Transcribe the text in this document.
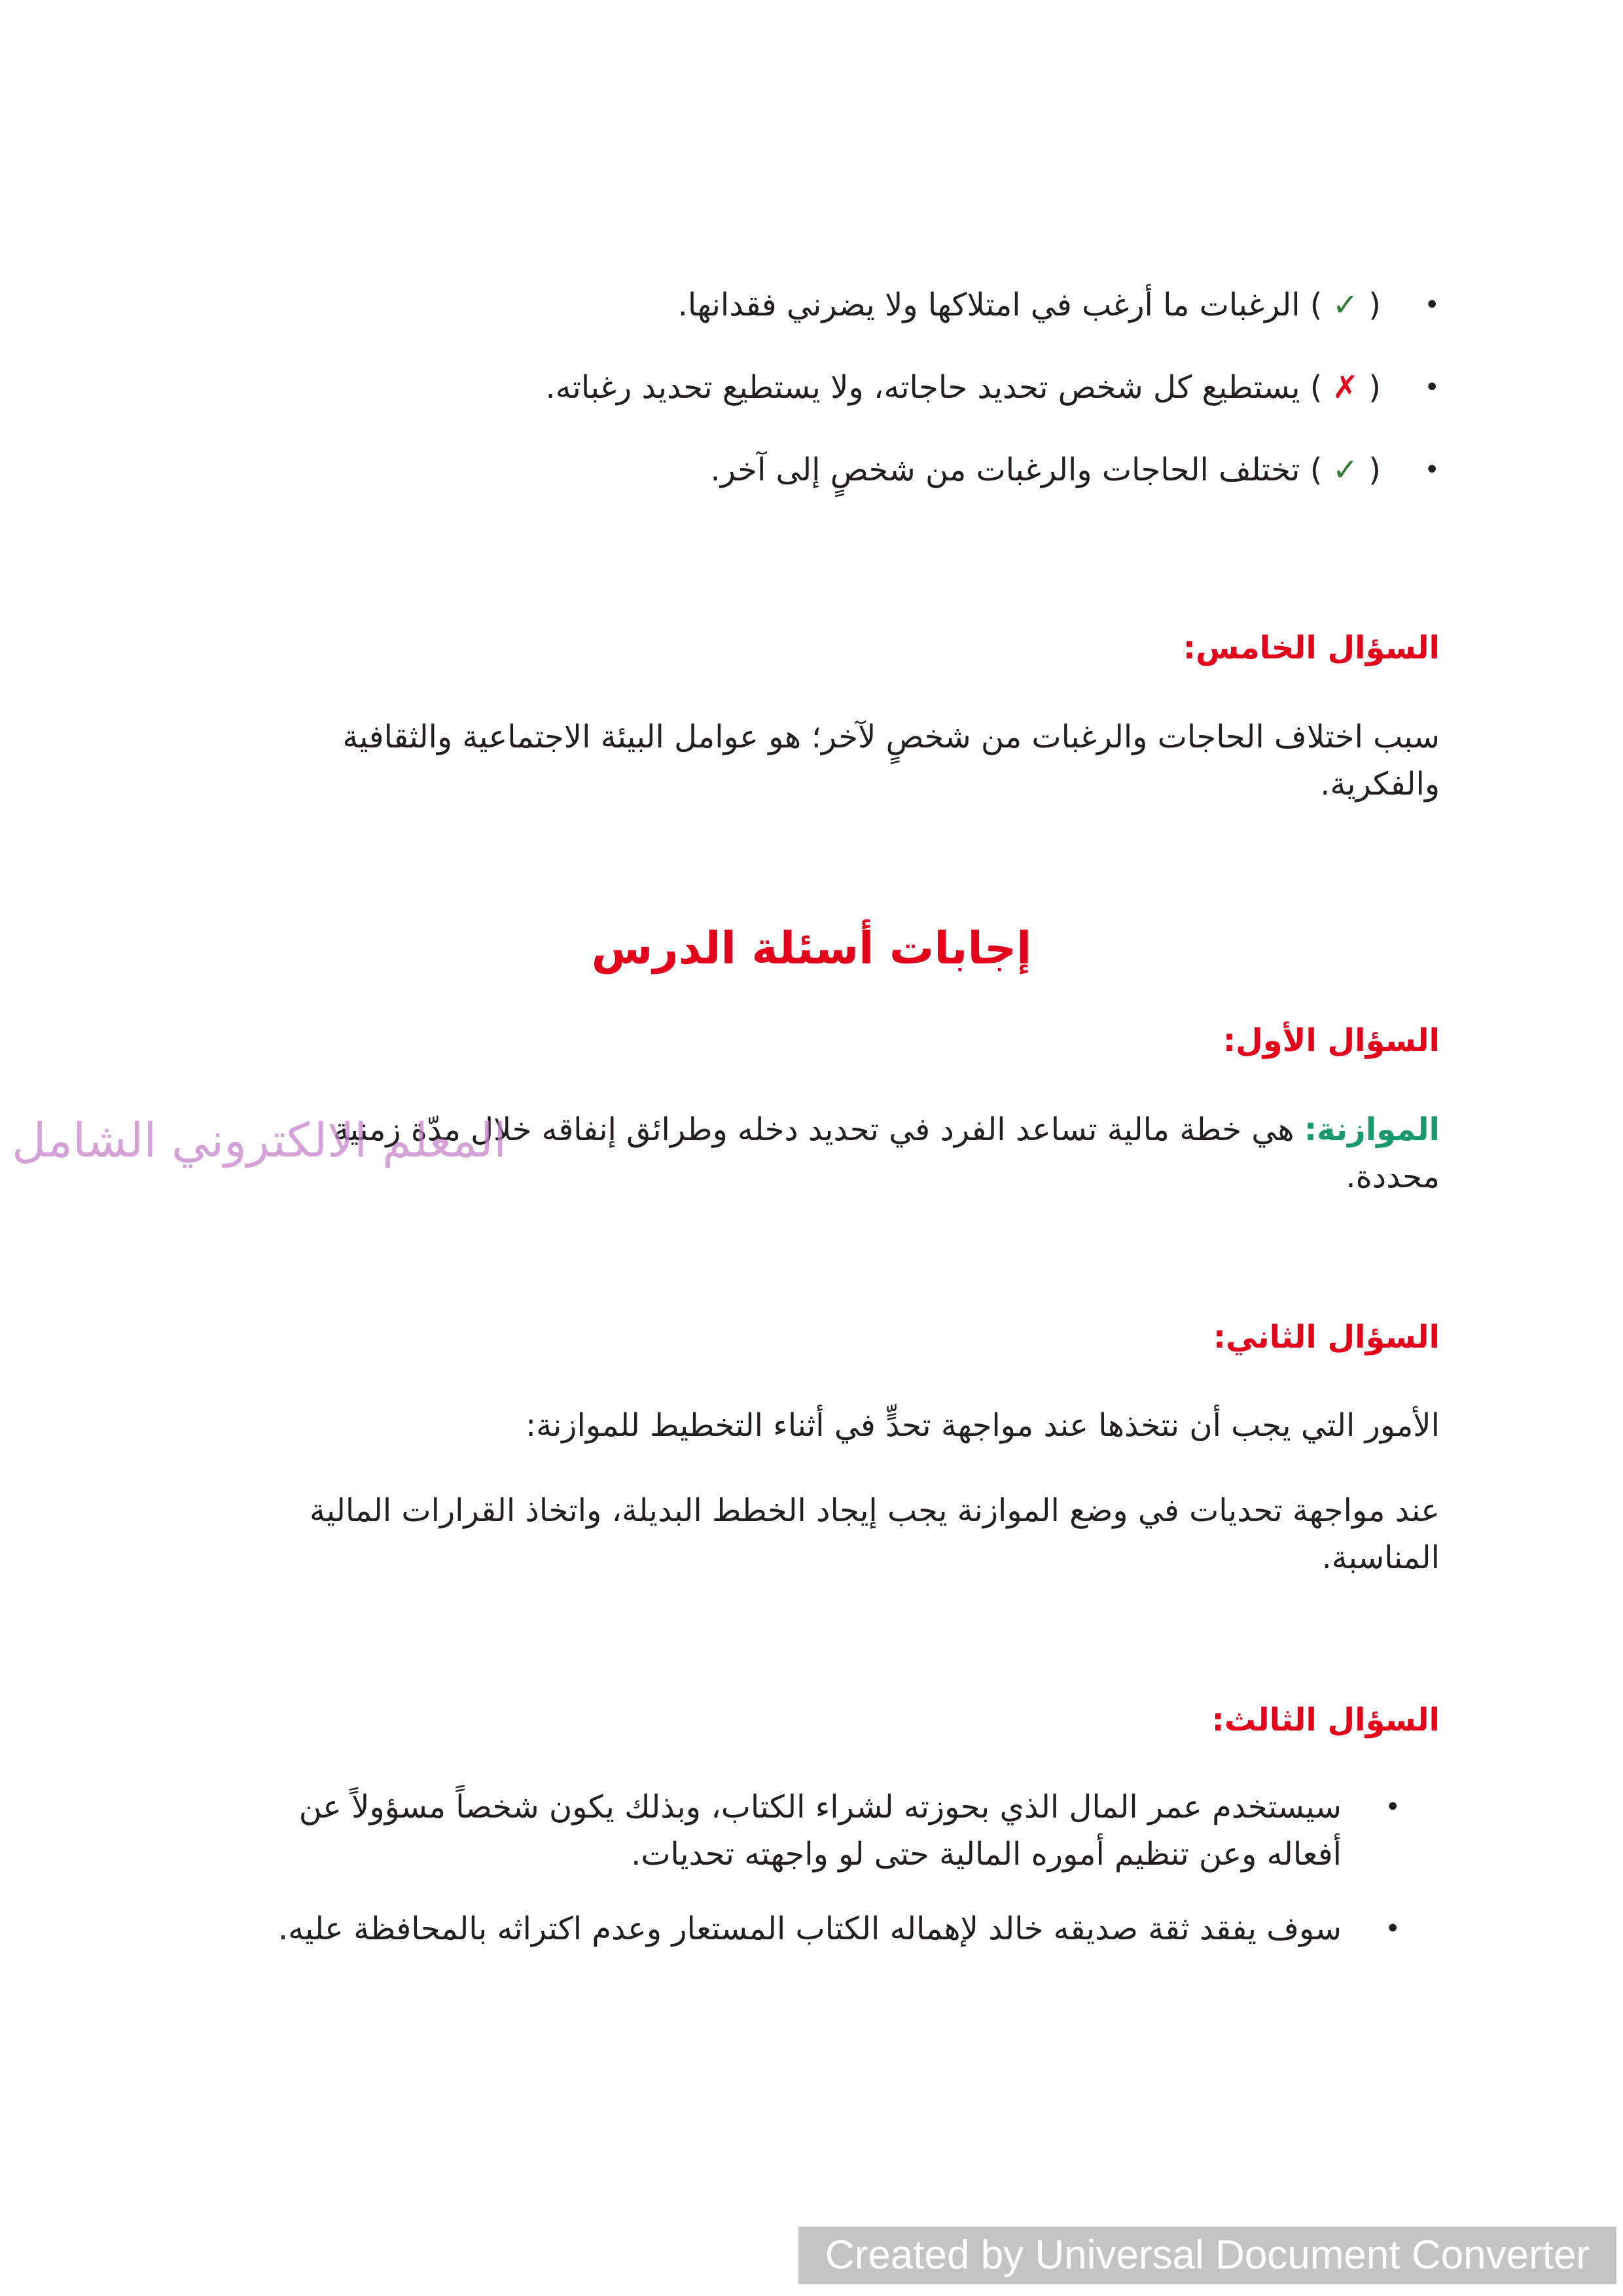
•
( ✓ ) الرغبات ما أرغب في امتلاكها ولا يضرني فقدانها.
•
( ✗ ) يستطيع كل شخص تحديد حاجاته، ولا يستطيع تحديد رغباته.
•
( ✓ ) تختلف الحاجات والرغبات من شخصٍ إلى آخر.
السؤال الخامس:
سبب اختلاف الحاجات والرغبات من شخصٍ لآخر؛ هو عوامل البيئة الاجتماعية والثقافية والفكرية.
إجابات أسئلة الدرس
السؤال الأول:
الموازنة: هي خطة مالية تساعد الفرد في تحديد دخله وطرائق إنفاقه خلال مدّة زمنية محددة.
السؤال الثاني:
الأمور التي يجب أن نتخذها عند مواجهة تحدٍّ في أثناء التخطيط للموازنة:
عند مواجهة تحديات في وضع الموازنة يجب إيجاد الخطط البديلة، واتخاذ القرارات المالية المناسبة.
السؤال الثالث:
•
سيستخدم عمر المال الذي بحوزته لشراء الكتاب، وبذلك يكون شخصاً مسؤولاً عن أفعاله وعن تنظيم أموره المالية حتى لو واجهته تحديات.
•
سوف يفقد ثقة صديقه خالد لإهماله الكتاب المستعار وعدم اكتراثه بالمحافظة عليه.
المعلم الالكتروني الشامل
Created by Universal Document Converter
